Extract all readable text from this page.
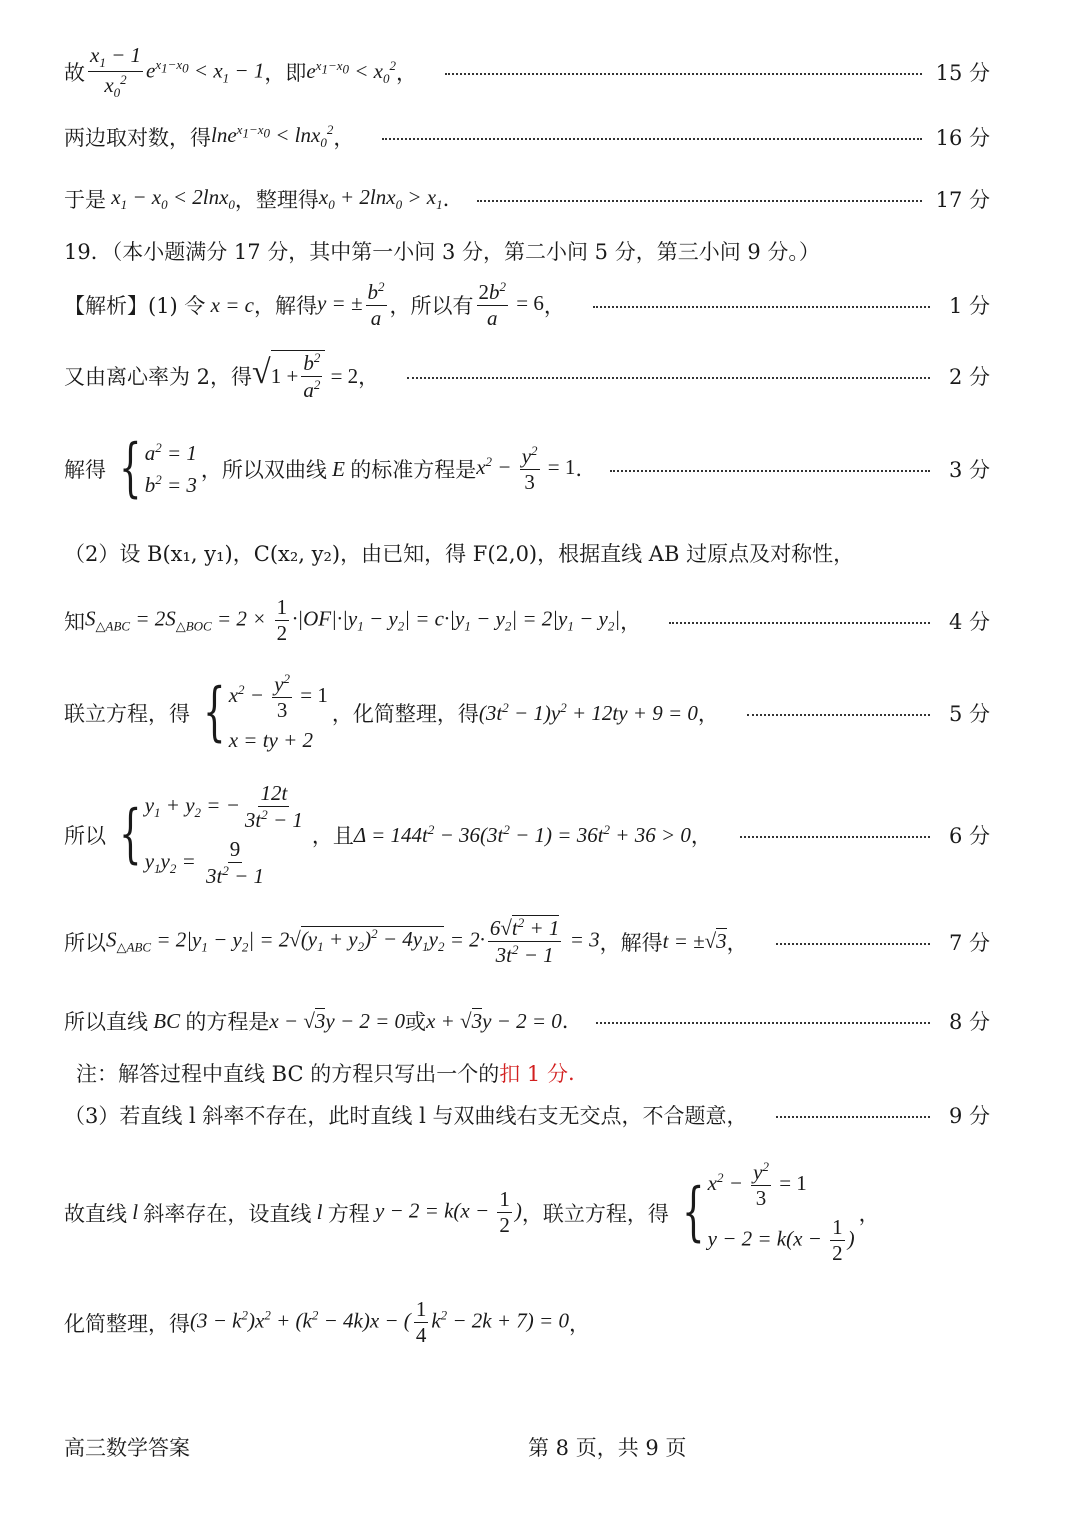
故 $\frac{x_1 - 1}{x_0^2} e^{x_1-x_0} < x_1 - 1$ ，即 $e^{x_1-x_0} < x_0^2$ ，	15 分
两边取对数，得 lne$^{x_1-x_0}$ < lnx$_0^2$ ，	16 分
于是 $x_1 - x_0 < 2\ln x_0$ ，整理得 $x_0 + 2\ln x_0 > x_1$ .	17 分
19．（本小题满分 17 分，其中第一小问 3 分，第二小问 5 分，第三小问 9 分。）
【解析】(1) 令 x = c ，解得 y = ± $\frac{b^2}{a}$ ，所以有 $\frac{2b^2}{a} = 6$ ，	1 分
又由离心率为 2，得 √ $1 + \frac{b^2}{a^2} = 2$ ，	2 分
解得 { $a^2 = 1$
$b^2 = 3$
，所以双曲线 E 的标准方程是 $x^2 - \frac{y^2}{3} = 1$ .	3 分
（2）设 B(x₁, y₁)，C(x₂, y₂)，由已知，得 F(2,0)，根据直线 AB 过原点及对称性，
知 $S_{\triangle ABC} = 2S_{\triangle BOC} = 2 \times \frac{1}{2} \cdot|OF|\cdot|y_1 - y_2| = c\cdot|y_1 - y_2| = 2|y_1 - y_2|$ ，	4 分
联立方程，得 { $x^2 - \frac{y^2}{3} = 1$
x = ty + 2
，化简整理，得 $(3t^2 - 1)y^2 + 12ty + 9 = 0$ ，	5 分
所以 { $y_1 + y_2$ = − $\frac{12t}{3t^2 - 1}$
$y_1y_2 = \frac{9}{3t^2 - 1}$
，且 $\Delta = 144t^2 - 36(3t^2 - 1) = 36t^2 + 36 > 0$ ，	6 分
所以 $S_{\triangle ABC} = 2|y_1 - y_2| = 2√(y_1 + y_2)^2 - 4y_1y_2 = 2\cdot \frac{6√t^2 + 1}{3t^2 - 1} = 3$ ，解得 t = ±√3 ，	7 分
所以直线 BC 的方程是 x − √3y − 2 = 0 或 x + √3y − 2 = 0 .	8 分
注：解答过程中直线 BC 的方程只写出一个的 扣 1 分 .
（3）若直线 l 斜率不存在，此时直线 l 与双曲线右支无交点，不合题意，	9 分
故直线 l 斜率存在，设直线 l 方程 $y - 2 = k(x - \frac{1}{2}$ ) ，联立方程，得 { $x^2 - \frac{y^2}{3} = 1$
$y - 2 = k(x - \frac{1}{2}$ )
，
化简整理，得 $(3 - k^2)x^2 + (k^2 - 4k)x$ − ( $\frac{1}{4} k^2 - 2k + 7) = 0$ ，
高三数学答案	第 8 页，共 9 页
